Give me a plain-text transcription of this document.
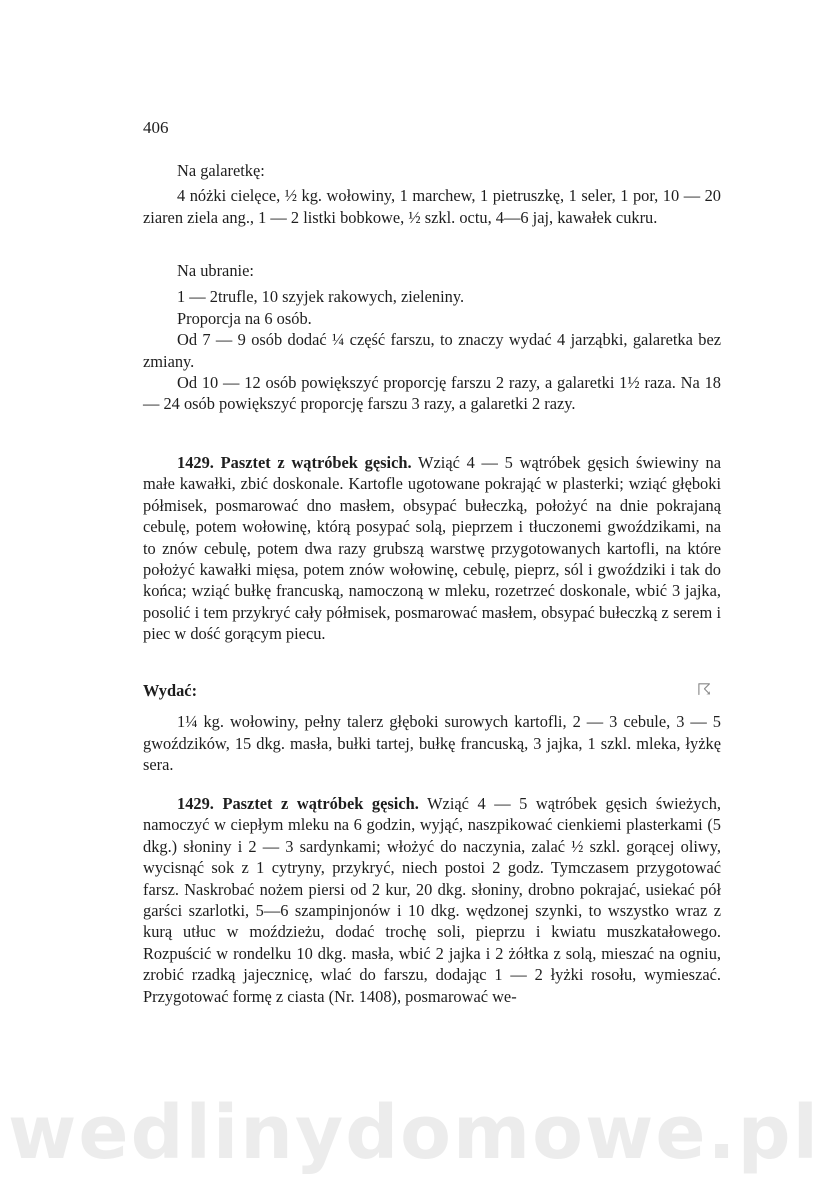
406
Na galaretkę:
4 nóżki cielęce, ½ kg. wołowiny, 1 marchew, 1 pietruszkę, 1 seler, 1 por, 10 — 20 ziaren ziela ang., 1 — 2 listki bobkowe, ½ szkl. octu, 4—6 jaj, kawałek cukru.
Na ubranie:
1 — 2trufle, 10 szyjek rakowych, zieleniny.
Proporcja na 6 osób.
Od 7 — 9 osób dodać ¼ część farszu, to znaczy wydać 4 jarząbki, galaretka bez zmiany.
Od 10 — 12 osób powiększyć proporcję farszu 2 razy, a galaretki 1½ raza. Na 18 — 24 osób powiększyć proporcję farszu 3 razy, a galaretki 2 razy.

1429. Pasztet z wątróbek gęsich. Wziąć 4 — 5 wątróbek gęsich świewiny na małe kawałki, zbić doskonale. Kartofle ugotowane pokrająć w plasterki; wziąć głęboki półmisek, posmarować dno masłem, obsypać bułeczką, położyć na dnie pokrajaną cebulę, potem wołowinę, którą posypać solą, pieprzem i tłuczonemi gwoździkami, na to znów cebulę, potem dwa razy grubszą warstwę przygotowanych kartofli, na które położyć kawałki mięsa, potem znów wołowinę, cebulę, pieprz, sól i gwoździki i tak do końca; wziąć bułkę francuską, namoczoną w mleku, rozetrzeć doskonale, wbić 3 jajka, posolić i tem przykryć cały półmisek, posmarować masłem, obsypać bułeczką z serem i piec w dość gorącym piecu.

Wydać:
1¼ kg. wołowiny, pełny talerz głęboki surowych kartofli, 2 — 3 cebule, 3 — 5 gwoździków, 15 dkg. masła, bułki tartej, bułkę francuską, 3 jajka, 1 szkl. mleka, łyżkę sera.
☈

1429. Pasztet z wątróbek gęsich. Wziąć 4 — 5 wątróbek gęsich świeżych, namoczyć w ciepłym mleku na 6 godzin, wyjąć, naszpikować cienkiemi plasterkami (5 dkg.) słoniny i 2 — 3 sardynkami; włożyć do naczynia, zalać ½ szkl. gorącej oliwy, wycisnąć sok z 1 cytryny, przykryć, niech postoi 2 godz. Tymczasem przygotować farsz. Naskrobać nożem piersi od 2 kur, 20 dkg. słoniny, drobno pokrajać, usiekać pół garści szarlotki, 5—6 szampinjonów i 10 dkg. wędzonej szynki, to wszystko wraz z kurą utłuc w moździeżu, dodać trochę soli, pieprzu i kwiatu muszkatałowego. Rozpuścić w rondelku 10 dkg. masła, wbić 2 jajka i 2 żółtka z solą, mieszać na ogniu, zrobić rzadką jajecznicę, wlać do farszu, dodając 1 — 2 łyżki rosołu, wymieszać. Przygotować formę z ciasta (Nr. 1408), posmarować we-

wedlinydomowe.pl
